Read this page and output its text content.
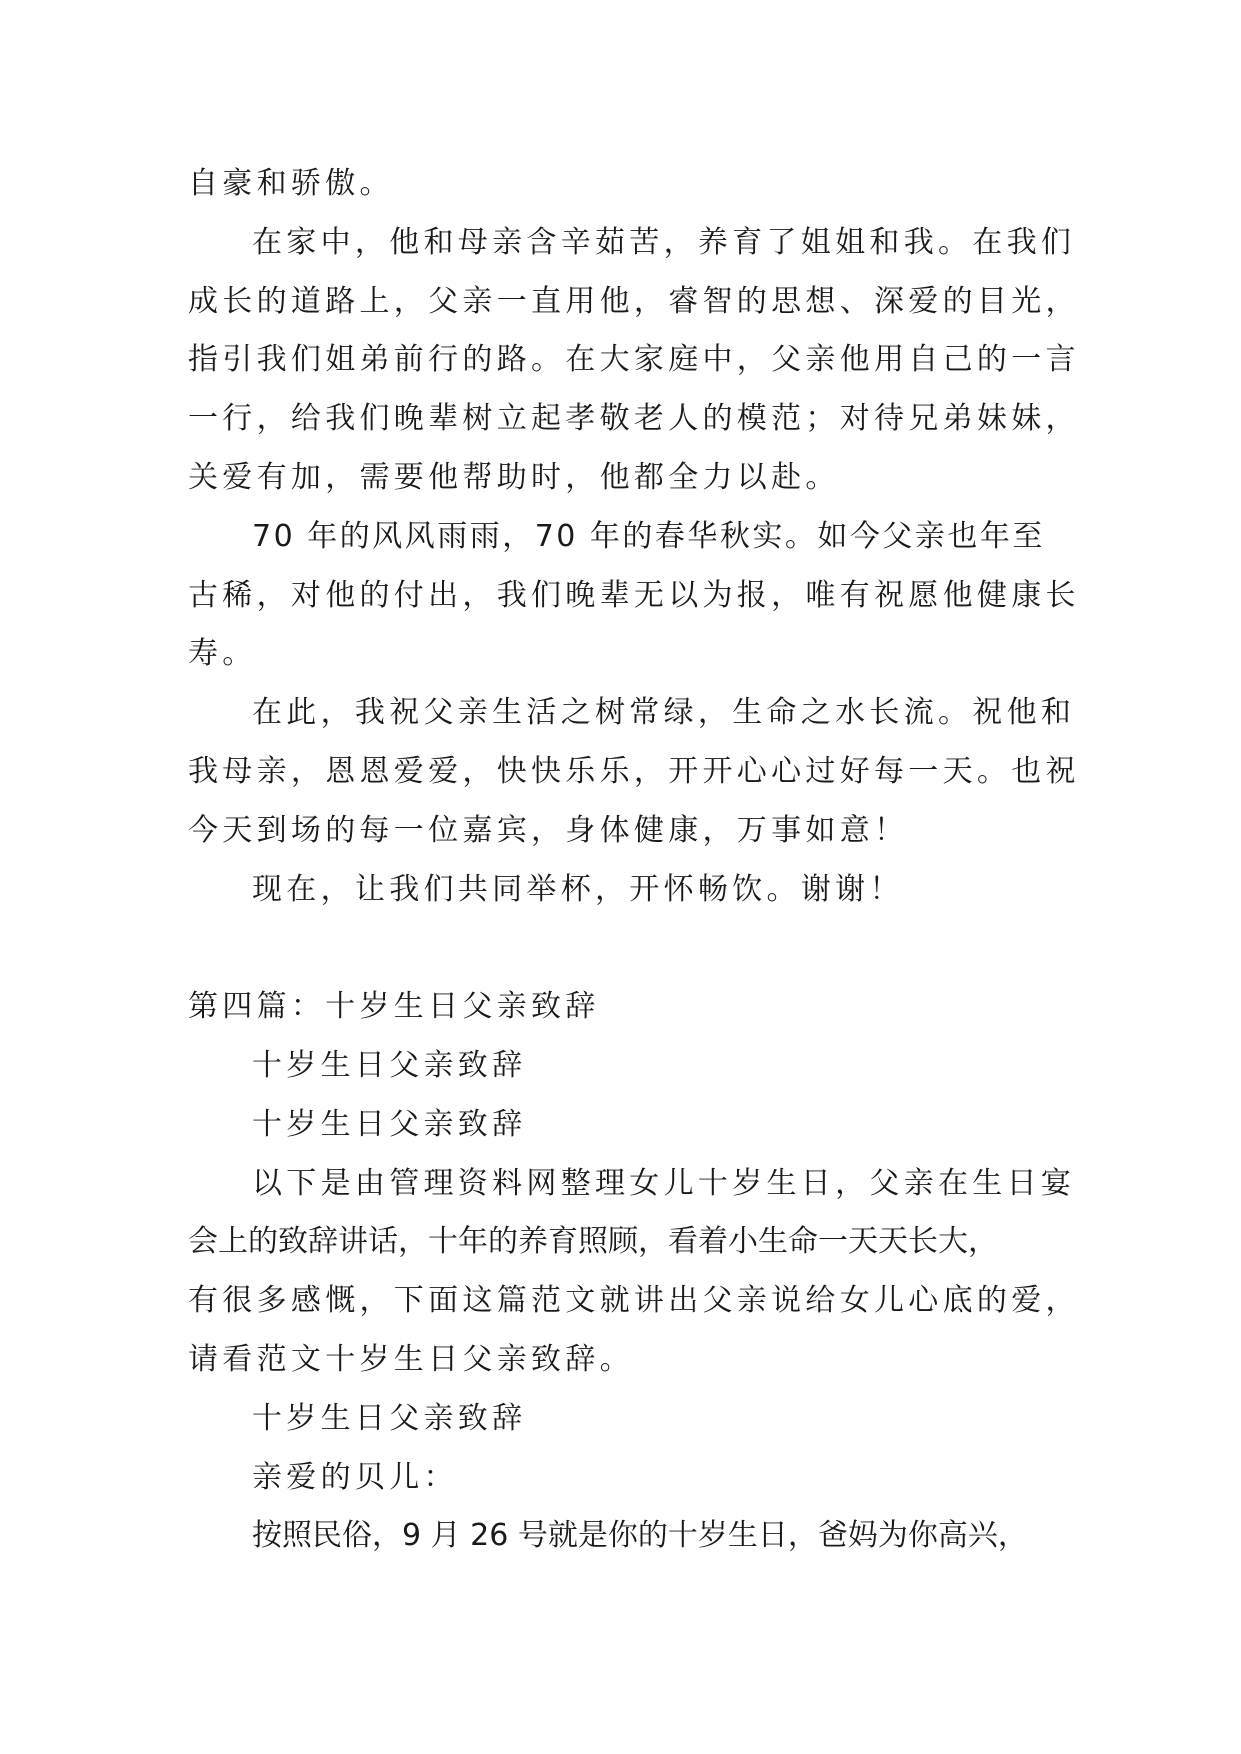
自豪和骄傲。
在家中，他和母亲含辛茹苦，养育了姐姐和我。在我们
成长的道路上，父亲一直用他，睿智的思想、深爱的目光，
指引我们姐弟前行的路。在大家庭中，父亲他用自己的一言
一行，给我们晚辈树立起孝敬老人的模范；对待兄弟妹妹，
关爱有加，需要他帮助时，他都全力以赴。
70 年的风风雨雨，70 年的春华秋实。如今父亲也年至
古稀，对他的付出，我们晚辈无以为报，唯有祝愿他健康长
寿。
在此，我祝父亲生活之树常绿，生命之水长流。祝他和
我母亲，恩恩爱爱，快快乐乐，开开心心过好每一天。也祝
今天到场的每一位嘉宾，身体健康，万事如意！
现在，让我们共同举杯，开怀畅饮。谢谢！
第四篇：十岁生日父亲致辞
十岁生日父亲致辞
十岁生日父亲致辞
以下是由管理资料网整理女儿十岁生日，父亲在生日宴
会上的致辞讲话，十年的养育照顾，看着小生命一天天长大，
有很多感慨，下面这篇范文就讲出父亲说给女儿心底的爱，
请看范文十岁生日父亲致辞。
十岁生日父亲致辞
亲爱的贝儿：
按照民俗，9 月 26 号就是你的十岁生日，爸妈为你高兴，
